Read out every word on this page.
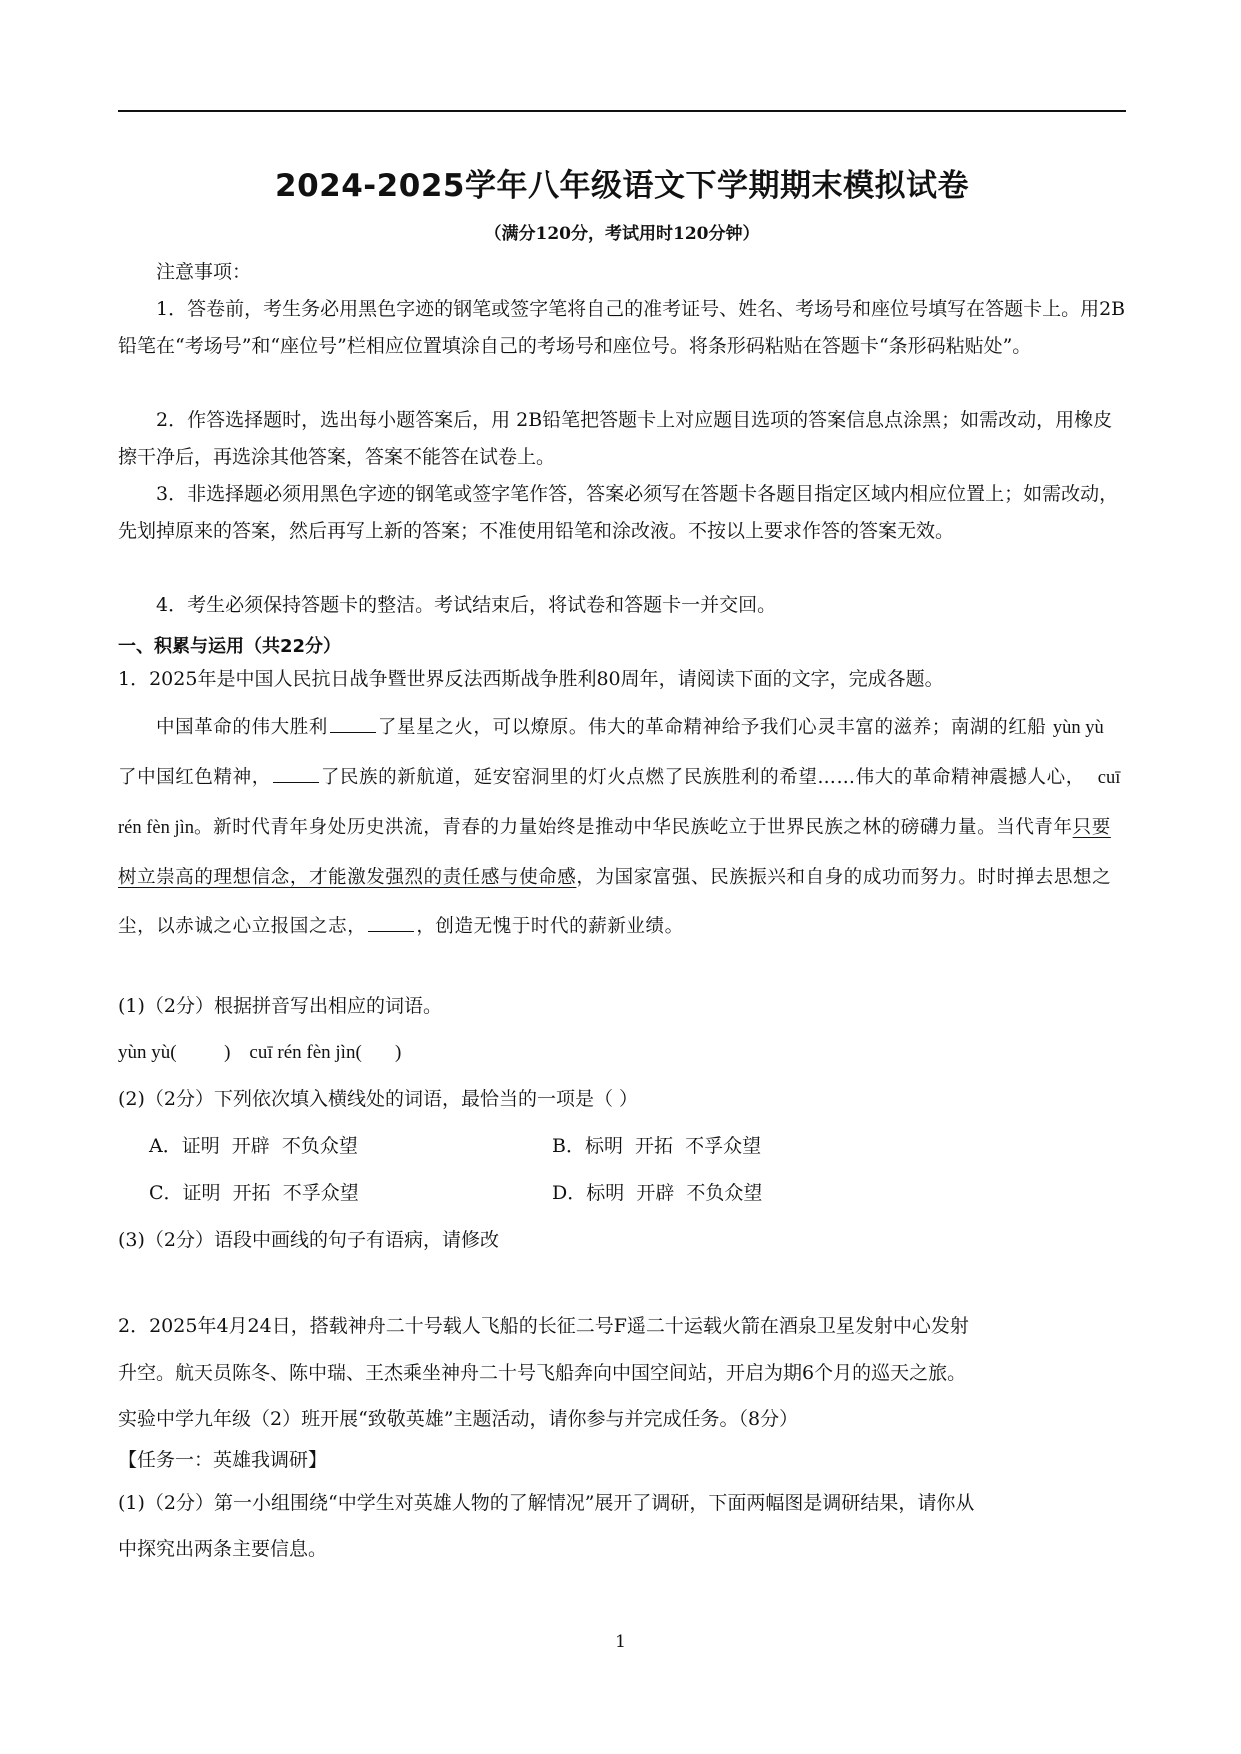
2024-2025学年八年级语文下学期期末模拟试卷
（满分120分，考试用时120分钟）
注意事项：
1．答卷前，考生务必用黑色字迹的钢笔或签字笔将自己的准考证号、姓名、考场号和座位号填写在答题卡上。用2B铅笔在“考场号”和“座位号”栏相应位置填涂自己的考场号和座位号。将条形码粘贴在答题卡“条形码粘贴处”。
2．作答选择题时，选出每小题答案后，用 2B铅笔把答题卡上对应题目选项的答案信息点涂黑；如需改动，用橡皮擦干净后，再选涂其他答案，答案不能答在试卷上。
3．非选择题必须用黑色字迹的钢笔或签字笔作答，答案必须写在答题卡各题目指定区域内相应位置上；如需改动，先划掉原来的答案，然后再写上新的答案；不准使用铅笔和涂改液。不按以上要求作答的答案无效。
4．考生必须保持答题卡的整洁。考试结束后，将试卷和答题卡一并交回。
一、积累与运用（共22分）
1．2025年是中国人民抗日战争暨世界反法西斯战争胜利80周年，请阅读下面的文字，完成各题。
中国革命的伟大胜利	了星星之火，可以燎原。伟大的革命精神给予我们心灵丰富的滋养；南湖的红船 yùn yù 了中国红色精神，	了民族的新航道，延安窑洞里的灯火点燃了民族胜利的希望……伟大的革命精神震撼人心， cuī rén fèn jìn。新时代青年身处历史洪流，青春的力量始终是推动中华民族屹立于世界民族之林的磅礴力量。当代青年只要树立崇高的理想信念，才能激发强烈的责任感与使命感，为国家富强、民族振兴和自身的成功而努力。时时掸去思想之尘，以赤诚之心立报国之志，	，创造无愧于时代的薪新业绩。
(1)（2分）根据拼音写出相应的词语。
yùn yù(          )    cuī rén fèn jìn(       )
(2)（2分）下列依次填入横线处的词语，最恰当的一项是（ ）
A．证明  开辟  不负众望	B．标明  开拓  不孚众望
C．证明  开拓  不孚众望	D．标明  开辟  不负众望
(3)（2分）语段中画线的句子有语病，请修改
2．2025年4月24日，搭载神舟二十号载人飞船的长征二号F遥二十运载火箭在酒泉卫星发射中心发射
升空。航天员陈冬、陈中瑞、王杰乘坐神舟二十号飞船奔向中国空间站，开启为期6个月的巡天之旅。
实验中学九年级（2）班开展“致敬英雄”主题活动，请你参与并完成任务。（8分）
【任务一：英雄我调研】
(1)（2分）第一小组围绕“中学生对英雄人物的了解情况”展开了调研，下面两幅图是调研结果，请你从
中探究出两条主要信息。
1
